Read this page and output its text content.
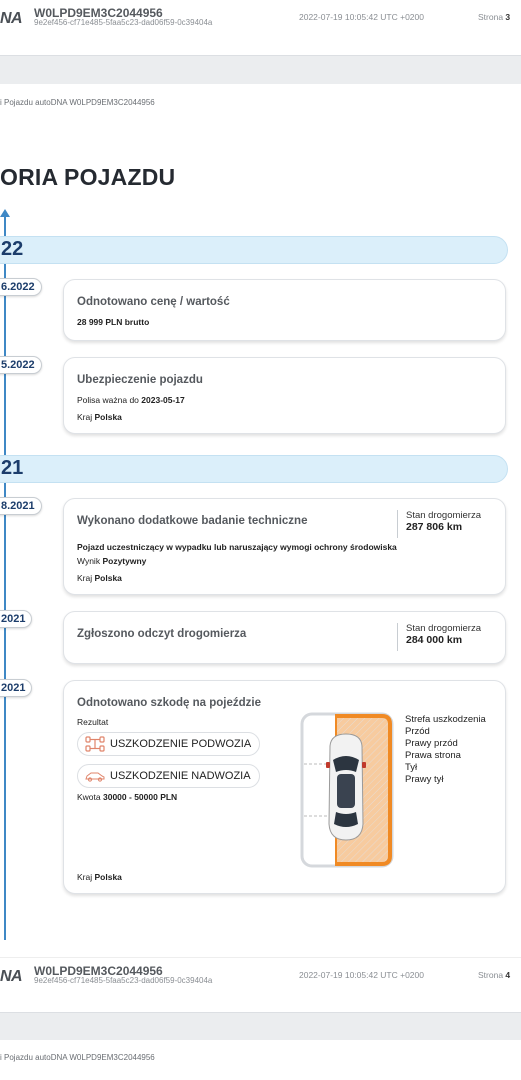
NA W0LPD9EM3C2044956
9e2ef456-cf71e485-5faa5c23-dad06f59-0c39404a
2022-07-19 10:05:42 UTC +0200	Strona 3
i Pojazdu autoDNA W0LPD9EM3C2044956
ORIA POJAZDU
22
6.2022
Odnotowano cenę / wartość
28 999 PLN brutto
5.2022
Ubezpieczenie pojazdu
Polisa ważna do 2023-05-17
Kraj Polska
21
8.2021
Wykonano dodatkowe badanie techniczne	Stan drogomierza
287 806 km
Pojazd uczestniczący w wypadku lub naruszający wymogi ochrony środowiska
Wynik Pozytywny
Kraj Polska
2021
Zgłoszono odczyt drogomierza	Stan drogomierza
284 000 km
2021
Odnotowano szkodę na pojeździe
Rezultat
USZKODZENIE PODWOZIA
USZKODZENIE NADWOZIA
Kwota 30000 - 50000 PLN
Strefa uszkodzenia
Przód
Prawy przód
Prawa strona
Tył
Prawy tył
Kraj Polska
NA W0LPD9EM3C2044956
9e2ef456-cf71e485-5faa5c23-dad06f59-0c39404a
2022-07-19 10:05:42 UTC +0200	Strona 4
i Pojazdu autoDNA W0LPD9EM3C2044956
